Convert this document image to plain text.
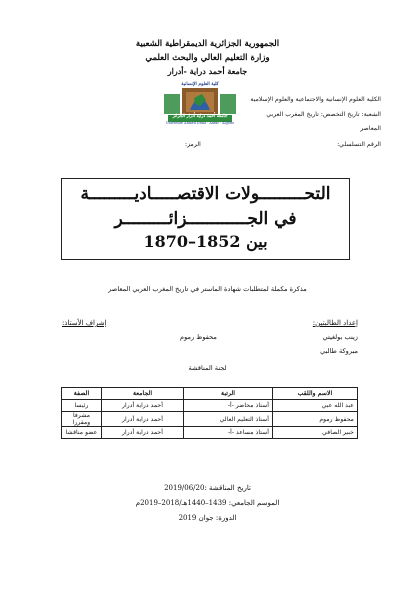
الجمهورية الجزائرية الديمقراطية الشعبية
وزارة التعليم العالي والبحث العلمي
جامعة أحمد دراية -أدرار
كلية العلوم الإنسانية
جامعة أحمد دراية أدرار الجزائر
Université Ahmed Draïa - Adrar - Algérie
الكلية العلوم الإنسانية والاجتماعية والعلوم الإسلامية
الشعبة: تاريخ التخصص: تاريخ المغرب العربي
المعاصر
الرقم التسلسلي:
الرمز:
التحـــــــــولات الاقتصـــــاديـــــــــة
في الجــــــــــــزائـــــــــر
بين 1852–1870
مذكرة مكملة لمتطلبات شهادة الماستر في تاريخ المغرب العربي المعاصر
إعداد الطالبتين:
زينب بولغيتي
مبروكة طالبي
إشراف الأستاذ:
محفوظ رموم
لجنة المناقشة
الاسم واللقب	الرتبة	الجامعة	الصفة
عبد الله عبي	أستاذ محاضر -أ-	أحمد دراية أدرار	رئيسا
محفوظ رموم	أستاذ التعليم العالي	أحمد دراية أدرار	مشرفا ومقررا
خبير الصافي	أستاذ مساعد -أ-	أحمد دراية أدرار	عضو مناقشا
تاريخ المناقشة :2019/06/20
الموسم الجامعي: 1439–1440هـ/2018–2019م
الدورة: جوان 2019
